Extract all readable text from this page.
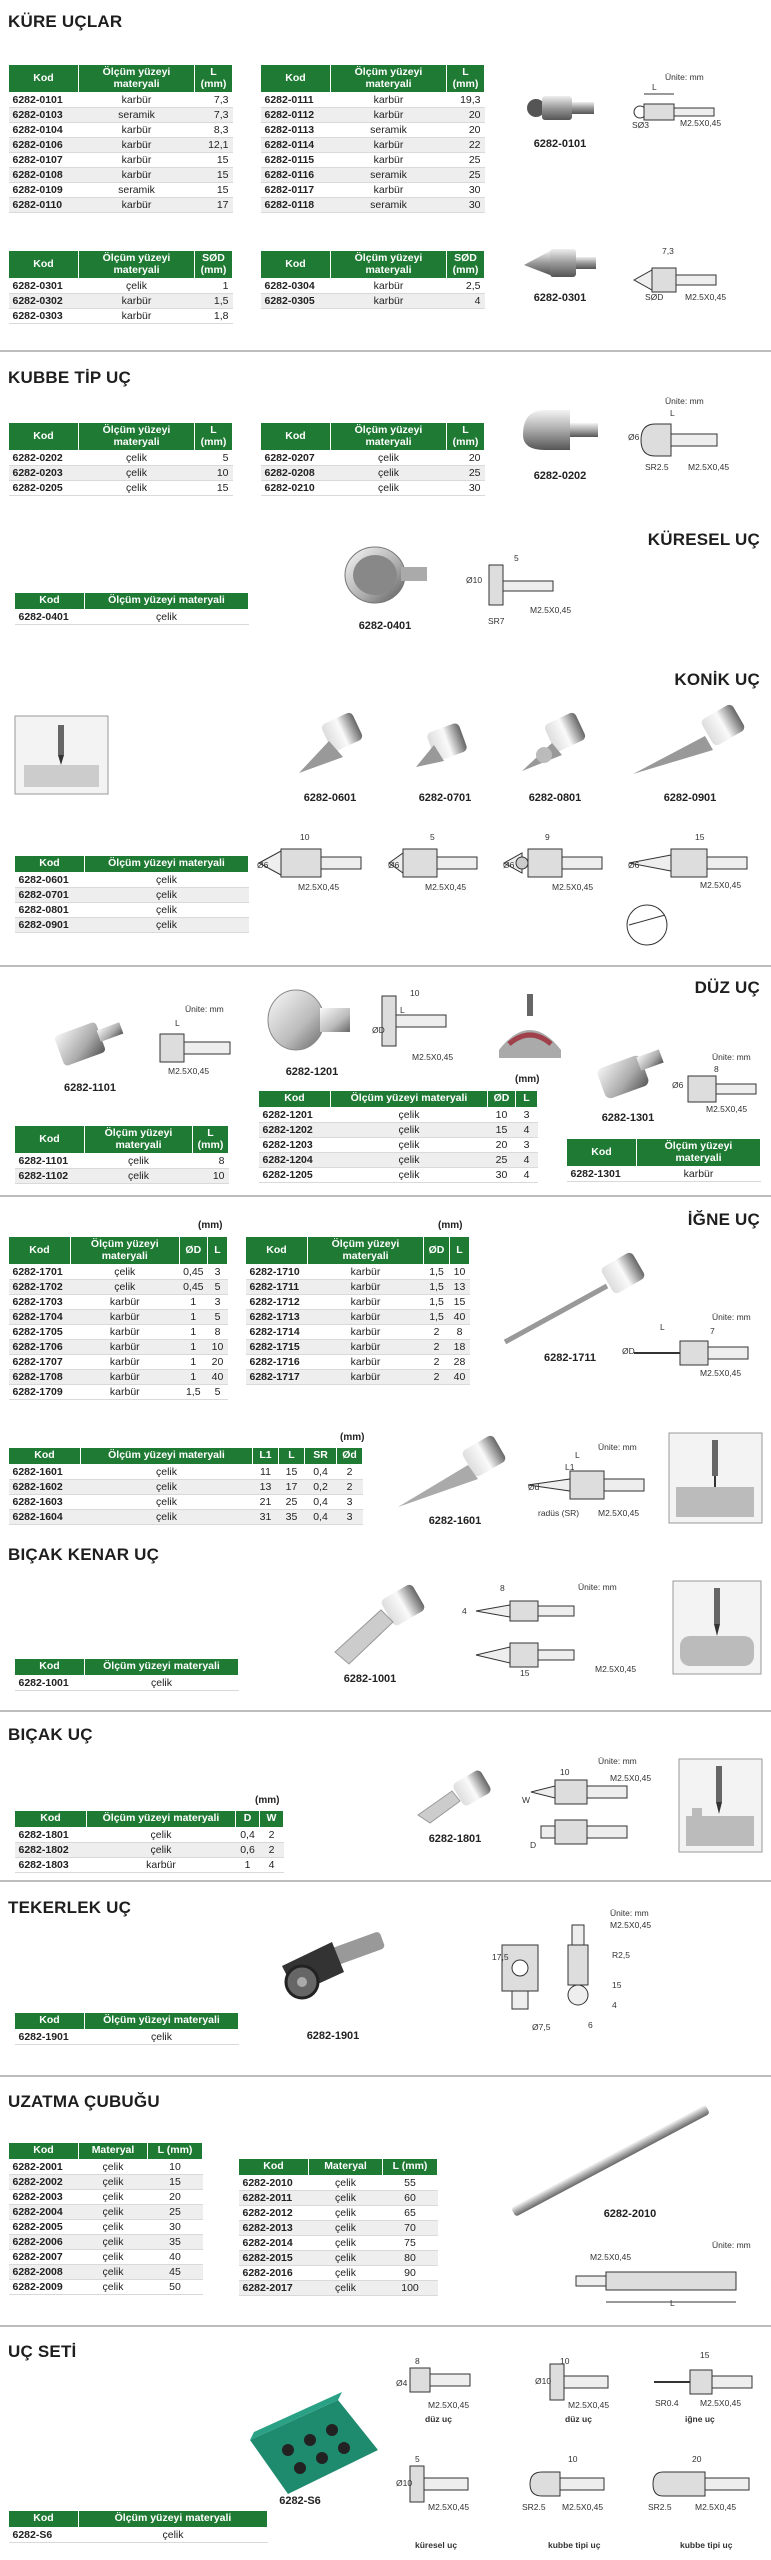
KÜRE UÇLAR
Kod	Ölçüm yüzeyi materyali	L (mm)
6282-0101	karbür	7,3
6282-0103	seramik	7,3
6282-0104	karbür	8,3
6282-0106	karbür	12,1
6282-0107	karbür	15
6282-0108	karbür	15
6282-0109	seramik	15
6282-0110	karbür	17
Kod	Ölçüm yüzeyi materyali	L (mm)
6282-0111	karbür	19,3
6282-0112	karbür	20
6282-0113	seramik	20
6282-0114	karbür	22
6282-0115	karbür	25
6282-0116	seramik	25
6282-0117	karbür	30
6282-0118	seramik	30
Kod	Ölçüm yüzeyi materyali	SØD (mm)
6282-0301	çelik	1
6282-0302	karbür	1,5
6282-0303	karbür	1,8
Kod	Ölçüm yüzeyi materyali	SØD (mm)
6282-0304	karbür	2,5
6282-0305	karbür	4
6282-0101
Ünite: mm
L
SØ3	M2.5X0,45
6282-0301
7,3
SØD	M2.5X0,45
KUBBE TİP UÇ
Kod	Ölçüm yüzeyi materyali	L (mm)
6282-0202	çelik	5
6282-0203	çelik	10
6282-0205	çelik	15
Kod	Ölçüm yüzeyi materyali	L (mm)
6282-0207	çelik	20
6282-0208	çelik	25
6282-0210	çelik	30
6282-0202
Ünite: mm
L
Ø6
SR2.5 M2.5X0,45
KÜRESEL UÇ
Kod	Ölçüm yüzeyi materyali
6282-0401	çelik
6282-0401
5
Ø10
SR7
M2.5X0,45
KONİK UÇ
Kod	Ölçüm yüzeyi materyali
6282-0601	çelik
6282-0701	çelik
6282-0801	çelik
6282-0901	çelik
6282-0601	6282-0701	6282-0801	6282-0901
10
Ø6
M2.5X0,45
5
Ø6
M2.5X0,45
9
Ø6
M2.5X0,45
15
Ø6
M2.5X0,45
DÜZ UÇ
6282-1101
Ünite: mm
L
M2.5X0,45
Kod	Ölçüm yüzeyi materyali	L (mm)
6282-1101	çelik	8
6282-1102	çelik	10
6282-1201
10
ØD
L
M2.5X0,45
(mm)
Kod	Ölçüm yüzeyi materyali	ØD	L
6282-1201	çelik	10	3
6282-1202	çelik	15	4
6282-1203	çelik	20	3
6282-1204	çelik	25	4
6282-1205	çelik	30	4
6282-1301
Ünite: mm
8
Ø6
M2.5X0,45
Kod	Ölçüm yüzeyi materyali
6282-1301	karbür
İĞNE UÇ
(mm)
Kod	Ölçüm yüzeyi materyali	ØD	L
6282-1701	çelik	0,45	3
6282-1702	çelik	0,45	5
6282-1703	karbür	1	3
6282-1704	karbür	1	5
6282-1705	karbür	1	8
6282-1706	karbür	1	10
6282-1707	karbür	1	20
6282-1708	karbür	1	40
6282-1709	karbür	1,5	5
(mm)
Kod	Ölçüm yüzeyi materyali	ØD	L
6282-1710	karbür	1,5	10
6282-1711	karbür	1,5	13
6282-1712	karbür	1,5	15
6282-1713	karbür	1,5	40
6282-1714	karbür	2	8
6282-1715	karbür	2	18
6282-1716	karbür	2	28
6282-1717	karbür	2	40
6282-1711
Ünite: mm
ØD
L	7
M2.5X0,45
(mm)
Kod	Ölçüm yüzeyi materyali	L1	L	SR	Ød
6282-1601	çelik	11	15	0,4	2
6282-1602	çelik	13	17	0,2	2
6282-1603	çelik	21	25	0,4	3
6282-1604	çelik	31	35	0,4	3	6282-1601
Ünite: mm
L
L1
Ød
radüs (SR) M2.5X0,45
BIÇAK KENAR UÇ
Kod	Ölçüm yüzeyi materyali
6282-1001	çelik	6282-1001
Ünite: mm
8
4
15	M2.5X0,45
BIÇAK UÇ
(mm)
Kod	Ölçüm yüzeyi materyali	D	W
6282-1801	çelik	0,4	2
6282-1802	çelik	0,6	2
6282-1803	karbür	1	4
6282-1801
Ünite: mm
10
W
D
M2.5X0,45
TEKERLEK UÇ
Kod	Ölçüm yüzeyi materyali
6282-1901	çelik	6282-1901
Ünite: mm
17,5	R2,5
Ø7,5
4
6
15
M2.5X0,45
UZATMA ÇUBUĞU
Kod	Materyal	L (mm)
6282-2001	çelik	10
6282-2002	çelik	15
6282-2003	çelik	20
6282-2004	çelik	25
6282-2005	çelik	30
6282-2006	çelik	35
6282-2007	çelik	40
6282-2008	çelik	45
6282-2009	çelik	50
Kod	Materyal	L (mm)
6282-2010	çelik	55
6282-2011	çelik	60
6282-2012	çelik	65
6282-2013	çelik	70
6282-2014	çelik	75
6282-2015	çelik	80
6282-2016	çelik	90
6282-2017	çelik	100
6282-2010
Ünite: mm
M2.5X0,45
L
UÇ SETİ
Kod	Ölçüm yüzeyi materyali
6282-S6	çelik
6282-S6
8
Ø4
M2.5X0,45
düz uç
10
Ø10
M2.5X0,45
düz uç
15
SR0.4	M2.5X0,45
iğne uç
5
Ø10
M2.5X0,45
küresel uç
10
SR2.5 M2.5X0,45
kubbe tipi uç
20
SR2.5	M2.5X0,45
kubbe tipi uç
